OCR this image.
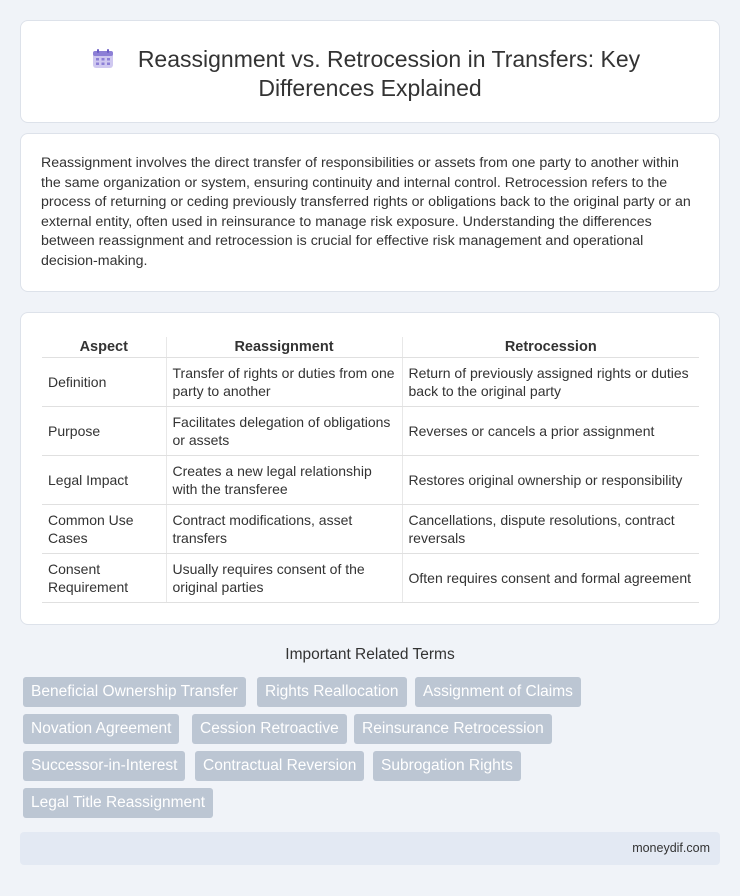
Reassignment vs. Retrocession in Transfers: Key
Differences Explained

Reassignment involves the direct transfer of responsibilities or assets from one party to another within the same organization or system, ensuring continuity and internal control. Retrocession refers to the process of returning or ceding previously transferred rights or obligations back to the original party or an external entity, often used in reinsurance to manage risk exposure. Understanding the differences between reassignment and retrocession is crucial for effective risk management and operational decision-making.

Aspect	Reassignment	Retrocession
Definition	Transfer of rights or duties from one party to another	Return of previously assigned rights or duties back to the original party
Purpose	Facilitates delegation of obligations or assets	Reverses or cancels a prior assignment
Legal Impact	Creates a new legal relationship with the transferee	Restores original ownership or responsibility
Common Use Cases	Contract modifications, asset transfers	Cancellations, dispute resolutions, contract reversals
Consent Requirement	Usually requires consent of the original parties	Often requires consent and formal agreement
Important Related Terms
Beneficial Ownership Transfer	Rights Reallocation	Assignment of Claims
Novation Agreement	Cession Retroactive	Reinsurance Retrocession
Successor-in-Interest	Contractual Reversion	Subrogation Rights
Legal Title Reassignment
moneydif.com
